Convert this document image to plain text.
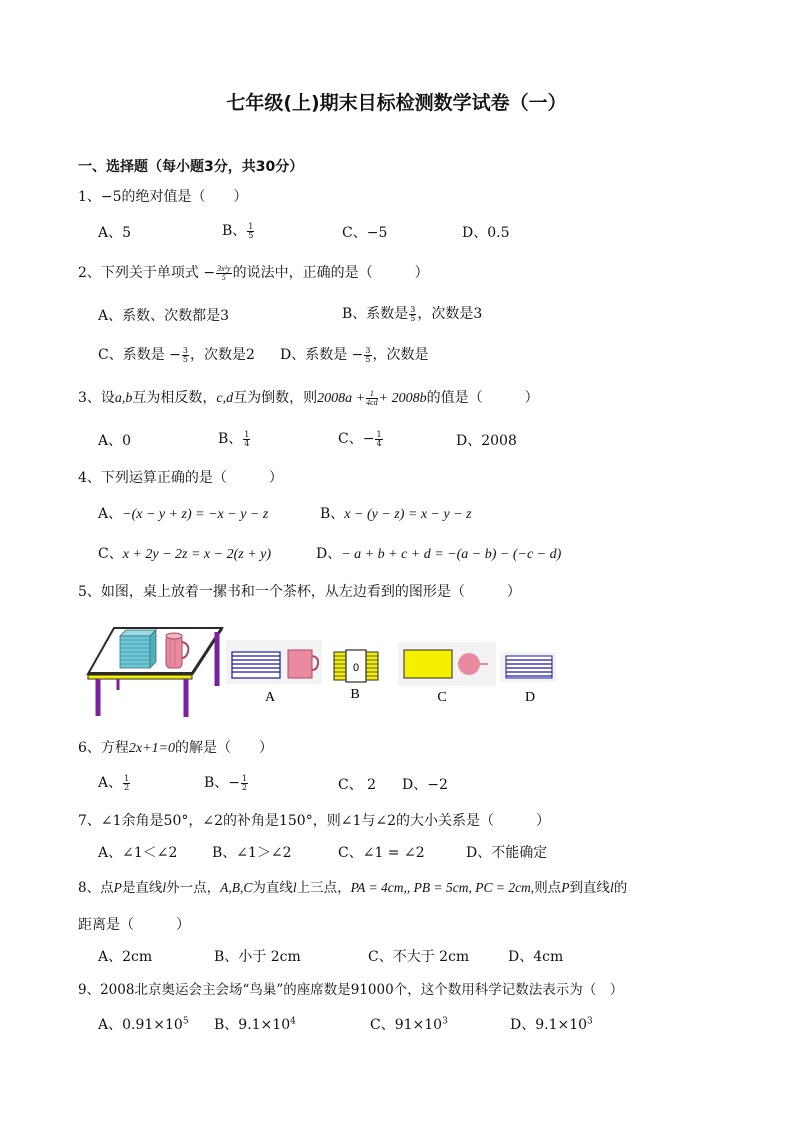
七年级(上)期末目标检测数学试卷（一）
一、选择题（每小题3分，共30分）
1、−5的绝对值是（　　）
A、5	B、 $\frac{1}{5}$	C、−5	D、0.5
2、下列关于单项式 − $\frac{\text{3x²y}}{5}$ 的说法中，正确的是（　　　）
A、系数、次数都是3	B、系数是 $\frac{3}{5}$ ，次数是3
C、系数是 − $\frac{3}{5}$ ，次数是2 D、系数是 − $\frac{3}{5}$ ，次数是
3、设a,b互为相反数，c,d互为倒数，则$2008a + \frac{1}{4cd} + 2008b$的值是（　　　）
A、0	B、 $\frac{1}{4}$	C、− $\frac{1}{4}$	D、2008
4、下列运算正确的是（　　　）
A、−(x − y + z) = −x − y − z	B、x − (y − z) = x − y − z
C、x + 2y − 2z = x − 2(z + y)	D、− a + b + c + d = −(a − b) − (−c − d)
5、如图，桌上放着一摞书和一个茶杯，从左边看到的图形是（　　　）
A
0
B	C	D
6、方程2x+1=0的解是（　　）
A、 $\frac{1}{2}$	B、− $\frac{1}{2}$	C、 2 D、−2
7、∠1余角是50°，∠2的补角是150°，则∠1与∠2的大小关系是（　　　）
A、∠1＜∠2 B、∠1＞∠2	C、∠1 = ∠2	D、不能确定
8、点P是直线l外一点，A,B,C为直线l上三点，PA = 4cm,, PB = 5cm, PC = 2cm,则点P到直线l的
距离是（　　　）
A、2cm	B、小于 2cm	C、不大于 2cm	D、4cm
9、2008北京奥运会主会场“鸟巢”的座席数是91000个，这个数用科学记数法表示为（　）
A、$0.91\times 10^5$ B、$9.1\times 10^4$	C、$91\times 10^3$	D、$9.1\times 10^3$
